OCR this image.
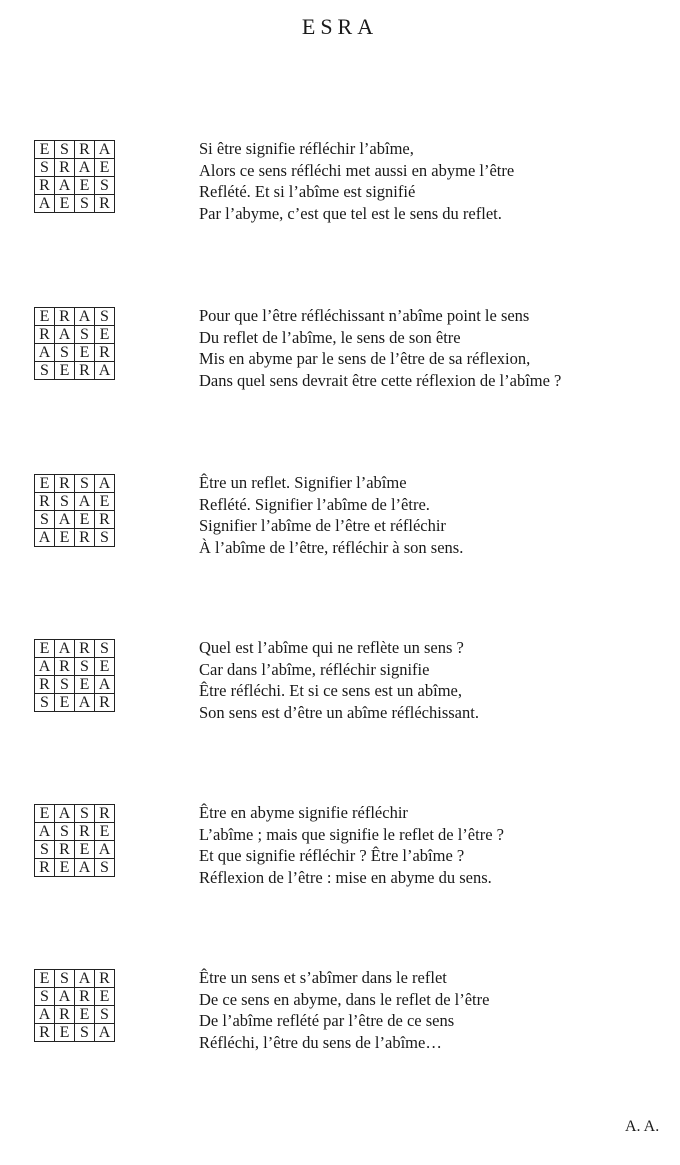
ESRA
E	S	R	A
S	R	A	E
R	A	E	S
A	E	S	R
Si être signifie réfléchir l’abîme,
Alors ce sens réfléchi met aussi en abyme l’être
Reflété. Et si l’abîme est signifié
Par l’abyme, c’est que tel est le sens du reflet.
E	R	A	S
R	A	S	E
A	S	E	R
S	E	R	A
Pour que l’être réfléchissant n’abîme point le sens
Du reflet de l’abîme, le sens de son être
Mis en abyme par le sens de l’être de sa réflexion,
Dans quel sens devrait être cette réflexion de l’abîme ?
E	R	S	A
R	S	A	E
S	A	E	R
A	E	R	S
Être un reflet. Signifier l’abîme
Reflété. Signifier l’abîme de l’être.
Signifier l’abîme de l’être et réfléchir
À l’abîme de l’être, réfléchir à son sens.
E	A	R	S
A	R	S	E
R	S	E	A
S	E	A	R
Quel est l’abîme qui ne reflète un sens ?
Car dans l’abîme, réfléchir signifie
Être réfléchi. Et si ce sens est un abîme,
Son sens est d’être un abîme réfléchissant.
E	A	S	R
A	S	R	E
S	R	E	A
R	E	A	S
Être en abyme signifie réfléchir
L’abîme ; mais que signifie le reflet de l’être ?
Et que signifie réfléchir ? Être l’abîme ?
Réflexion de l’être : mise en abyme du sens.
E	S	A	R
S	A	R	E
A	R	E	S
R	E	S	A
Être un sens et s’abîmer dans le reflet
De ce sens en abyme, dans le reflet de l’être
De l’abîme reflété par l’être de ce sens
Réfléchi, l’être du sens de l’abîme…
A. A.
